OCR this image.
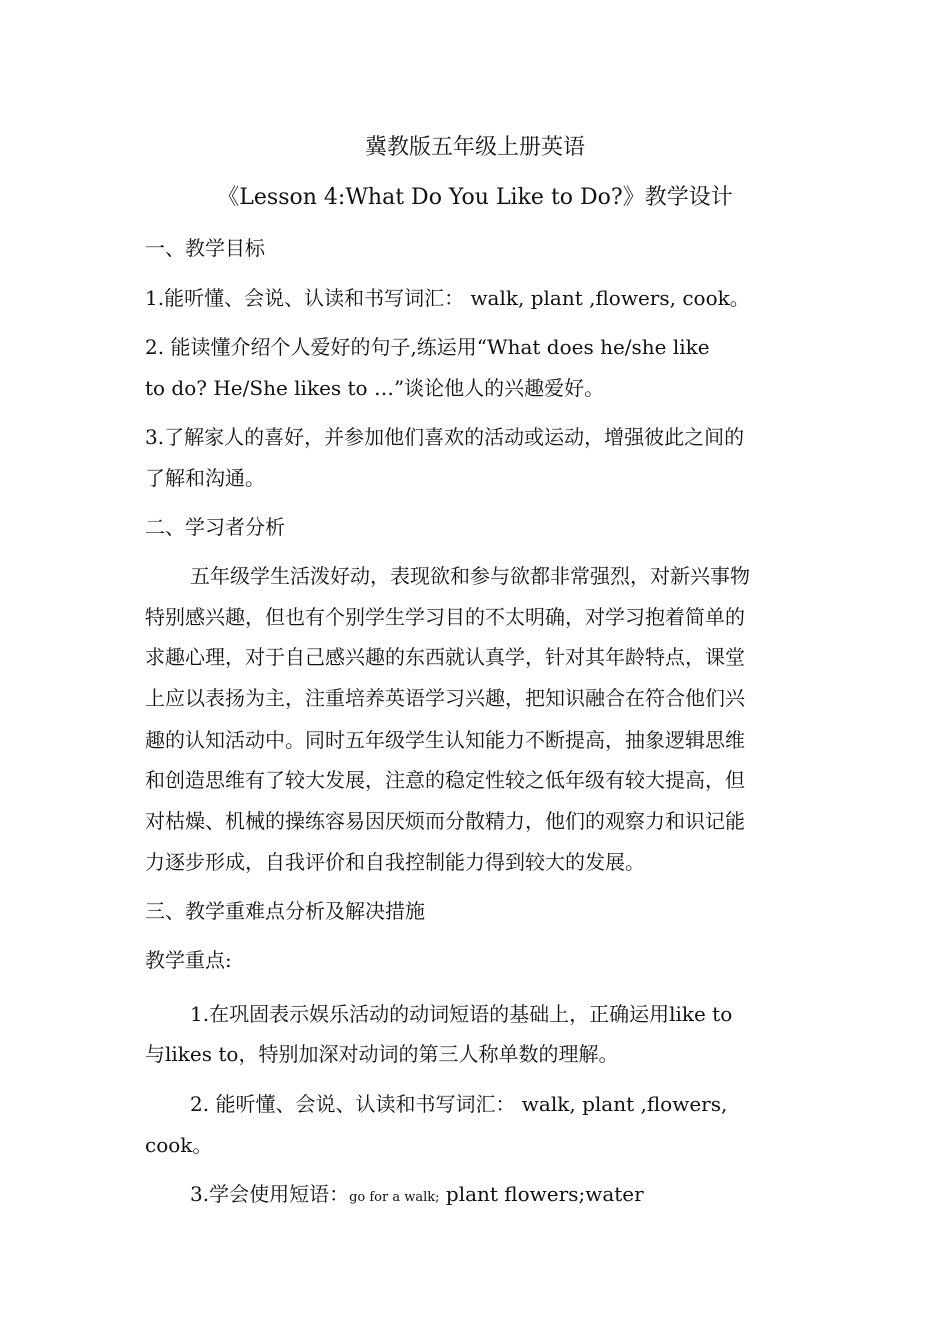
冀教版五年级上册英语
《Lesson 4:What Do You Like to Do?》教学设计
一、教学目标
1.能听懂、会说、认读和书写词汇： walk, plant ,flowers, cook。
2. 能读懂介绍个人爱好的句子,练运用“What does he/she like
to do? He/She likes to …”谈论他人的兴趣爱好。
3.了解家人的喜好，并参加他们喜欢的活动或运动，增强彼此之间的
了解和沟通。
二、学习者分析
五年级学生活泼好动，表现欲和参与欲都非常强烈，对新兴事物
特别感兴趣，但也有个别学生学习目的不太明确，对学习抱着简单的
求趣心理，对于自己感兴趣的东西就认真学，针对其年龄特点，课堂
上应以表扬为主，注重培养英语学习兴趣，把知识融合在符合他们兴
趣的认知活动中。同时五年级学生认知能力不断提高，抽象逻辑思维
和创造思维有了较大发展，注意的稳定性较之低年级有较大提高，但
对枯燥、机械的操练容易因厌烦而分散精力，他们的观察力和识记能
力逐步形成，自我评价和自我控制能力得到较大的发展。
三、教学重难点分析及解决措施
教学重点:
1.在巩固表示娱乐活动的动词短语的基础上，正确运用like to
与likes to，特别加深对动词的第三人称单数的理解。
2. 能听懂、会说、认读和书写词汇： walk, plant ,flowers,
cook。
3.学会使用短语：go for a walk; plant flowers;water
